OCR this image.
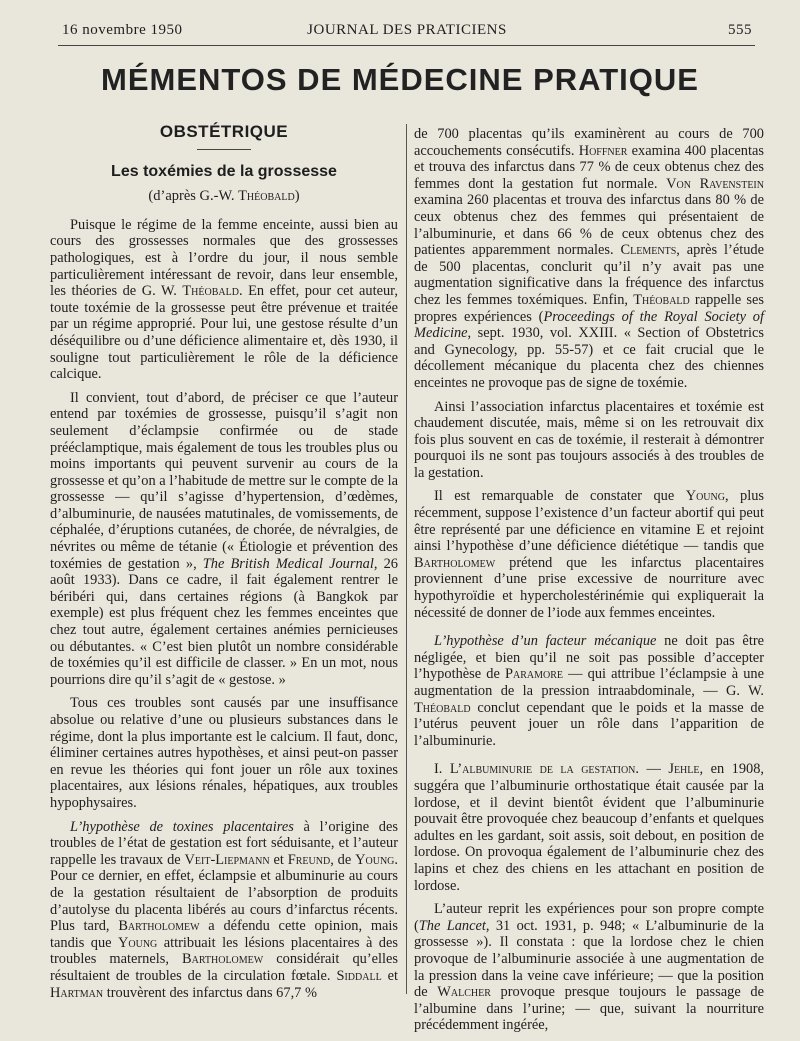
16 novembre 1950	JOURNAL DES PRATICIENS	555
MÉMENTOS DE MÉDECINE PRATIQUE
OBSTÉTRIQUE
Les toxémies de la grossesse
(d’après G.-W. Théobald)

Puisque le régime de la femme enceinte, aussi bien au cours des grossesses normales que des grossesses pathologiques, est à l’ordre du jour, il nous semble particulièrement intéressant de revoir, dans leur ensemble, les théories de G. W. Théobald. En effet, pour cet auteur, toute toxémie de la grossesse peut être prévenue et traitée par un régime approprié. Pour lui, une gestose résulte d’un déséquilibre ou d’une déficience alimentaire et, dès 1930, il souligne tout particulièrement le rôle de la déficience calcique.

Il convient, tout d’abord, de préciser ce que l’auteur entend par toxémies de grossesse, puisqu’il s’agit non seulement d’éclampsie confirmée ou de stade prééclamptique, mais également de tous les troubles plus ou moins importants qui peuvent survenir au cours de la grossesse et qu’on a l’habitude de mettre sur le compte de la grossesse — qu’il s’agisse d’hypertension, d’œdèmes, d’albuminurie, de nausées matutinales, de vomissements, de céphalée, d’éruptions cutanées, de chorée, de névralgies, de névrites ou même de tétanie (« Étiologie et prévention des toxémies de gestation », The British Medical Journal, 26 août 1933). Dans ce cadre, il fait également rentrer le béribéri qui, dans certaines régions (à Bangkok par exemple) est plus fréquent chez les femmes enceintes que chez tout autre, également certaines anémies pernicieuses ou débutantes. « C’est bien plutôt un nombre considérable de toxémies qu’il est difficile de classer. » En un mot, nous pourrions dire qu’il s’agit de « gestose. »

Tous ces troubles sont causés par une insuffisance absolue ou relative d’une ou plusieurs substances dans le régime, dont la plus importante est le calcium. Il faut, donc, éliminer certaines autres hypothèses, et ainsi peut-on passer en revue les théories qui font jouer un rôle aux toxines placentaires, aux lésions rénales, hépatiques, aux troubles hypophysaires.

L’hypothèse de toxines placentaires à l’origine des troubles de l’état de gestation est fort séduisante, et l’auteur rappelle les travaux de Veit-Liepmann et Freund, de Young. Pour ce dernier, en effet, éclampsie et albuminurie au cours de la gestation résultaient de l’absorption de produits d’autolyse du placenta libérés au cours d’infarctus récents. Plus tard, Bartholomew a défendu cette opinion, mais tandis que Young attribuait les lésions placentaires à des troubles maternels, Bartholomew considérait qu’elles résultaient de troubles de la circulation fœtale. Siddall et Hartman trouvèrent des infarctus dans 67,7 %

de 700 placentas qu’ils examinèrent au cours de 700 accouchements consécutifs. Hoffner examina 400 placentas et trouva des infarctus dans 77 % de ceux obtenus chez des femmes dont la gestation fut normale. Von Ravenstein examina 260 placentas et trouva des infarctus dans 80 % de ceux obtenus chez des femmes qui présentaient de l’albuminurie, et dans 66 % de ceux obtenus chez des patientes apparemment normales. Clements, après l’étude de 500 placentas, conclurit qu’il n’y avait pas une augmentation significative dans la fréquence des infarctus chez les femmes toxémiques. Enfin, Théobald rappelle ses propres expériences (Proceedings of the Royal Society of Medicine, sept. 1930, vol. XXIII. « Section of Obstetrics and Gynecology, pp. 55-57) et ce fait crucial que le décollement mécanique du placenta chez des chiennes enceintes ne provoque pas de signe de toxémie.

Ainsi l’association infarctus placentaires et toxémie est chaudement discutée, mais, même si on les retrouvait dix fois plus souvent en cas de toxémie, il resterait à démontrer pourquoi ils ne sont pas toujours associés à des troubles de la gestation.

Il est remarquable de constater que Young, plus récemment, suppose l’existence d’un facteur abortif qui peut être représenté par une déficience en vitamine E et rejoint ainsi l’hypothèse d’une déficience diététique — tandis que Bartholomew prétend que les infarctus placentaires proviennent d’une prise excessive de nourriture avec hypothyroïdie et hypercholestérinémie qui expliquerait la nécessité de donner de l’iode aux femmes enceintes.

L’hypothèse d’un facteur mécanique ne doit pas être négligée, et bien qu’il ne soit pas possible d’accepter l’hypothèse de Paramore — qui attribue l’éclampsie à une augmentation de la pression intraabdominale, — G. W. Théobald conclut cependant que le poids et la masse de l’utérus peuvent jouer un rôle dans l’apparition de l’albuminurie.

I. L’albuminurie de la gestation. — Jehle, en 1908, suggéra que l’albuminurie orthostatique était causée par la lordose, et il devint bientôt évident que l’albuminurie pouvait être provoquée chez beaucoup d’enfants et quelques adultes en les gardant, soit assis, soit debout, en position de lordose. On provoqua également de l’albuminurie chez des lapins et chez des chiens en les attachant en position de lordose.

L’auteur reprit les expériences pour son propre compte (The Lancet, 31 oct. 1931, p. 948; « L’albuminurie de la grossesse »). Il constata : que la lordose chez le chien provoque de l’albuminurie associée à une augmentation de la pression dans la veine cave inférieure; — que la position de Walcher provoque presque toujours le passage de l’albumine dans l’urine; — que, suivant la nourriture précédemment ingérée,
